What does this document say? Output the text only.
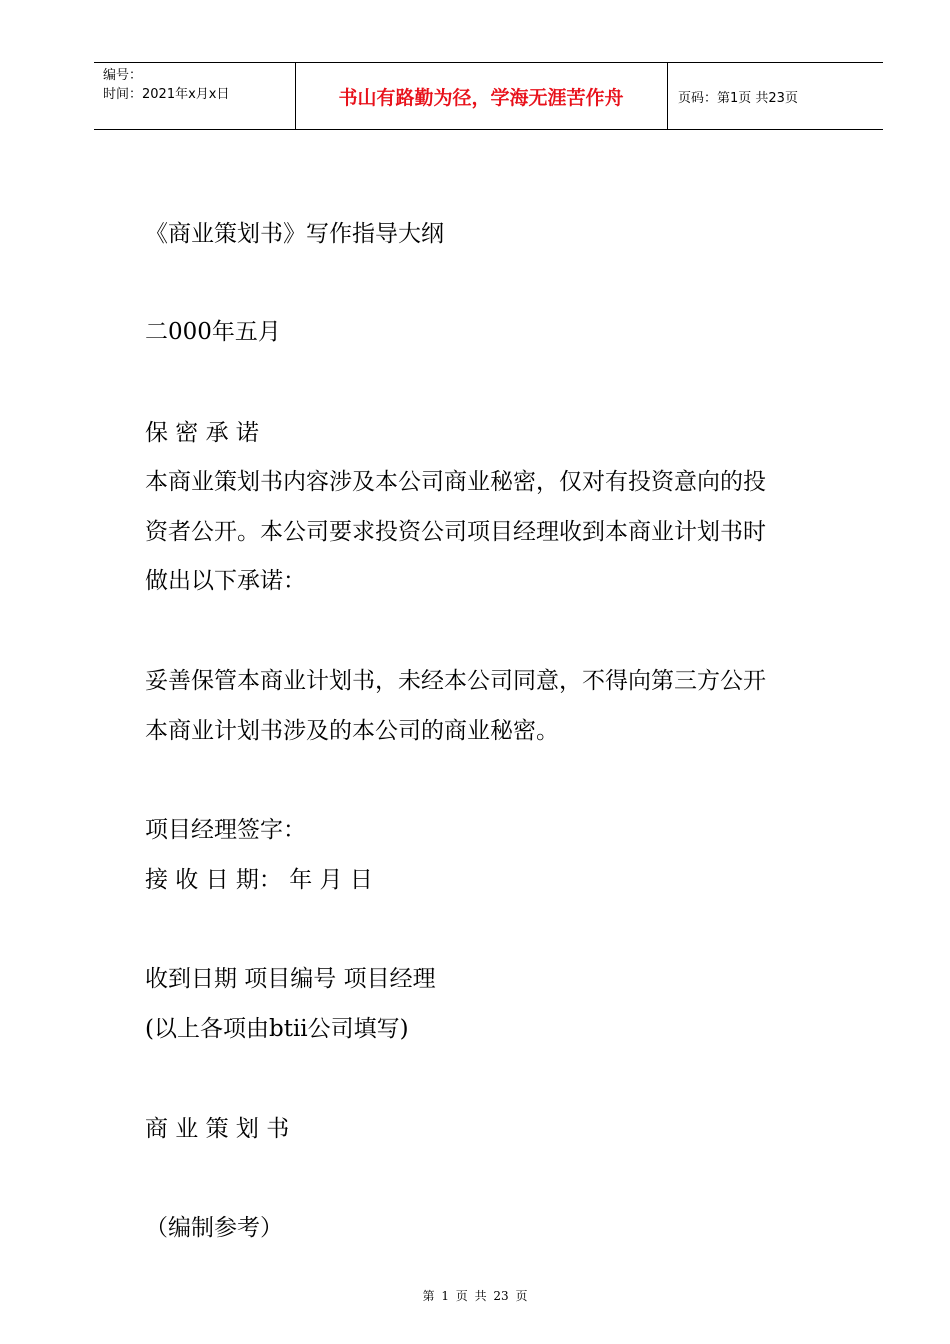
编号：
时间：2021年x月x日	书山有路勤为径，学海无涯苦作舟	页码：第1页 共23页
《商业策划书》写作指导大纲
二000年五月
保 密 承 诺
本商业策划书内容涉及本公司商业秘密，仅对有投资意向的投
资者公开。本公司要求投资公司项目经理收到本商业计划书时
做出以下承诺：
妥善保管本商业计划书，未经本公司同意，不得向第三方公开
本商业计划书涉及的本公司的商业秘密。
项目经理签字：
接 收 日 期： 年 月 日
收到日期 项目编号 项目经理
(以上各项由btii公司填写)
商 业 策 划 书
（编制参考）
第 1 页 共 23 页
